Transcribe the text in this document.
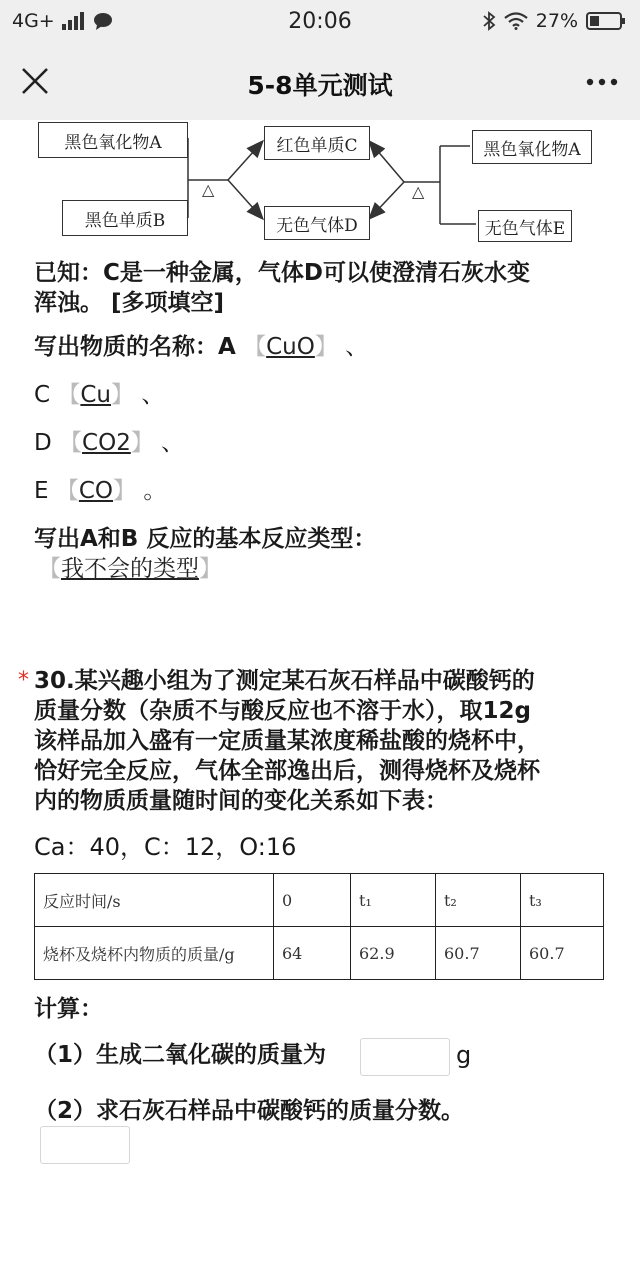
4G+	20:06	27%
5-8单元测试
黑色氧化物A
黑色单质B
红色单质C
无色气体D
黑色氧化物A
无色气体E
△	△
已知：C是一种金属，气体D可以使澄清石灰水变
浑浊。 [多项填空]
写出物质的名称：A 【CuO】 、
C 【Cu】 、
D 【CO2】 、
E 【CO】 。
写出A和B 反应的基本反应类型：
【我不会的类型】
* 30.某兴趣小组为了测定某石灰石样品中碳酸钙的
质量分数（杂质不与酸反应也不溶于水），取12g
该样品加入盛有一定质量某浓度稀盐酸的烧杯中，
恰好完全反应，气体全部逸出后，测得烧杯及烧杯
内的物质质量随时间的变化关系如下表：
Ca：40，C：12，O:16
反应时间/s	0	t₁	t₂	t₃
烧杯及烧杯内物质的质量/g	64	62.9	60.7	60.7
计算：
（1）生成二氧化碳的质量为	g
（2）求石灰石样品中碳酸钙的质量分数。
